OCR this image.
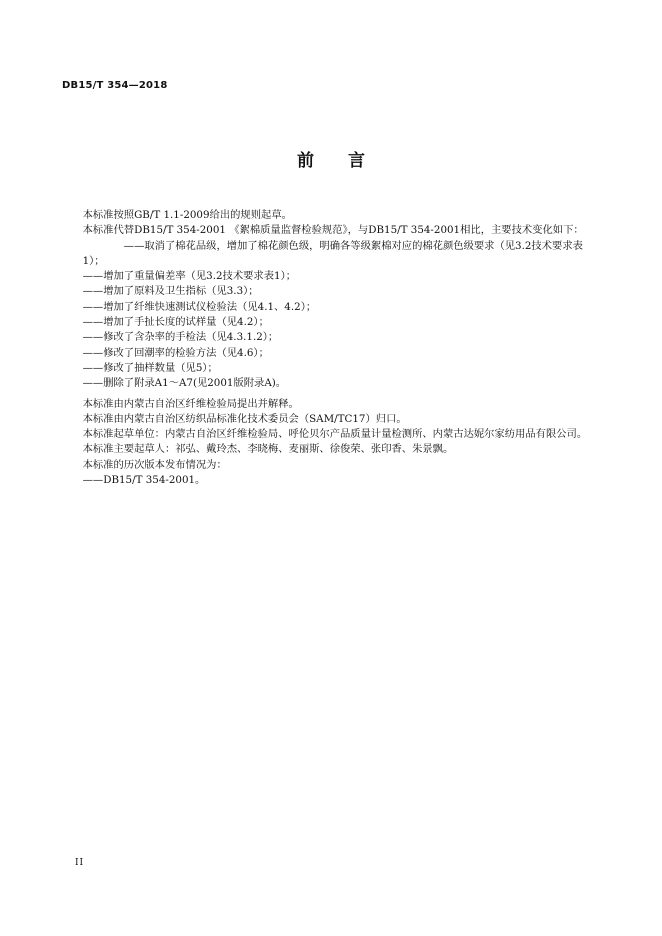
DB15/T 354—2018
前 言
本标准按照GB/T 1.1-2009给出的规则起草。
本标准代替DB15/T 354-2001 《絮棉质量监督检验规范》，与DB15/T 354-2001相比，主要技术变化如下：
——取消了棉花品级，增加了棉花颜色级，明确各等级絮棉对应的棉花颜色级要求（见3.2技术要求表1）；
——增加了重量偏差率（见3.2技术要求表1）；
——增加了原料及卫生指标（见3.3）；
——增加了纤维快速测试仪检验法（见4.1、4.2）；
——增加了手扯长度的试样量（见4.2）；
——修改了含杂率的手检法（见4.3.1.2）；
——修改了回潮率的检验方法（见4.6）；
——修改了抽样数量（见5）；
——删除了附录A1～A7(见2001版附录A)。
本标准由内蒙古自治区纤维检验局提出并解释。
本标准由内蒙古自治区纺织品标准化技术委员会（SAM/TC17）归口。
本标准起草单位：内蒙古自治区纤维检验局、呼伦贝尔产品质量计量检测所、内蒙古达妮尔家纺用品有限公司。
本标准主要起草人：祁弘、戴玲杰、李晓梅、麦丽斯、徐俊荣、张印香、朱景飘。
本标准的历次版本发布情况为：
——DB15/T 354-2001。
II
